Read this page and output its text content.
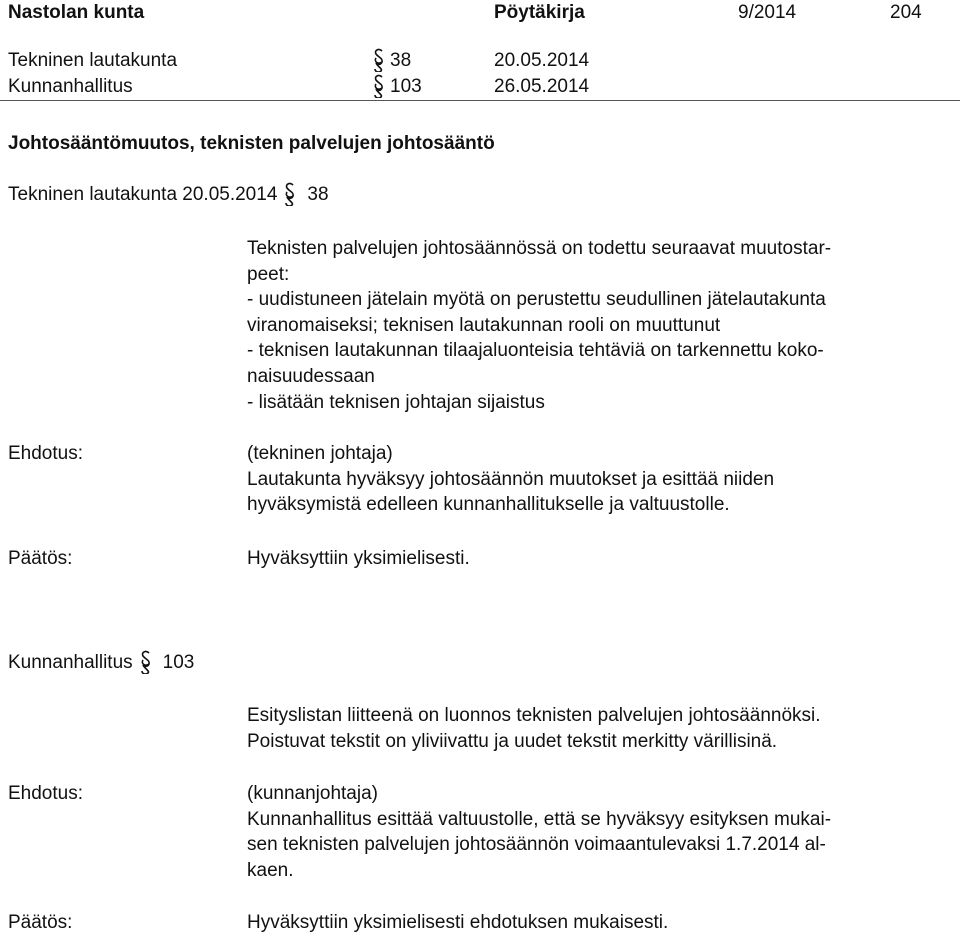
Nastolan kunta	Pöytäkirja	9/2014	204
Tekninen lautakunta	38	20.05.2014
Kunnanhallitus	103	26.05.2014
Johtosääntömuutos, teknisten palvelujen johtosääntö
Tekninen lautakunta 20.05.2014 38
Teknisten palvelujen johtosäännössä on todettu seuraavat muutostar-
peet:
- uudistuneen jätelain myötä on perustettu seudullinen jätelautakunta
viranomaiseksi; teknisen lautakunnan rooli on muuttunut
- teknisen lautakunnan tilaajaluonteisia tehtäviä on tarkennettu koko-
naisuudessaan
- lisätään teknisen johtajan sijaistus
Ehdotus:	(tekninen johtaja)
Lautakunta hyväksyy johtosäännön muutokset ja esittää niiden
hyväksymistä edelleen kunnanhallitukselle ja valtuustolle.
Päätös:	Hyväksyttiin yksimielisesti.
Kunnanhallitus 103
Esityslistan liitteenä on luonnos teknisten palvelujen johtosäännöksi.
Poistuvat tekstit on yliviivattu ja uudet tekstit merkitty värillisinä.
Ehdotus:	(kunnanjohtaja)
Kunnanhallitus esittää valtuustolle, että se hyväksyy esityksen mukai-
sen teknisten palvelujen johtosäännön voimaantulevaksi 1.7.2014 al-
kaen.
Päätös:	Hyväksyttiin yksimielisesti ehdotuksen mukaisesti.
